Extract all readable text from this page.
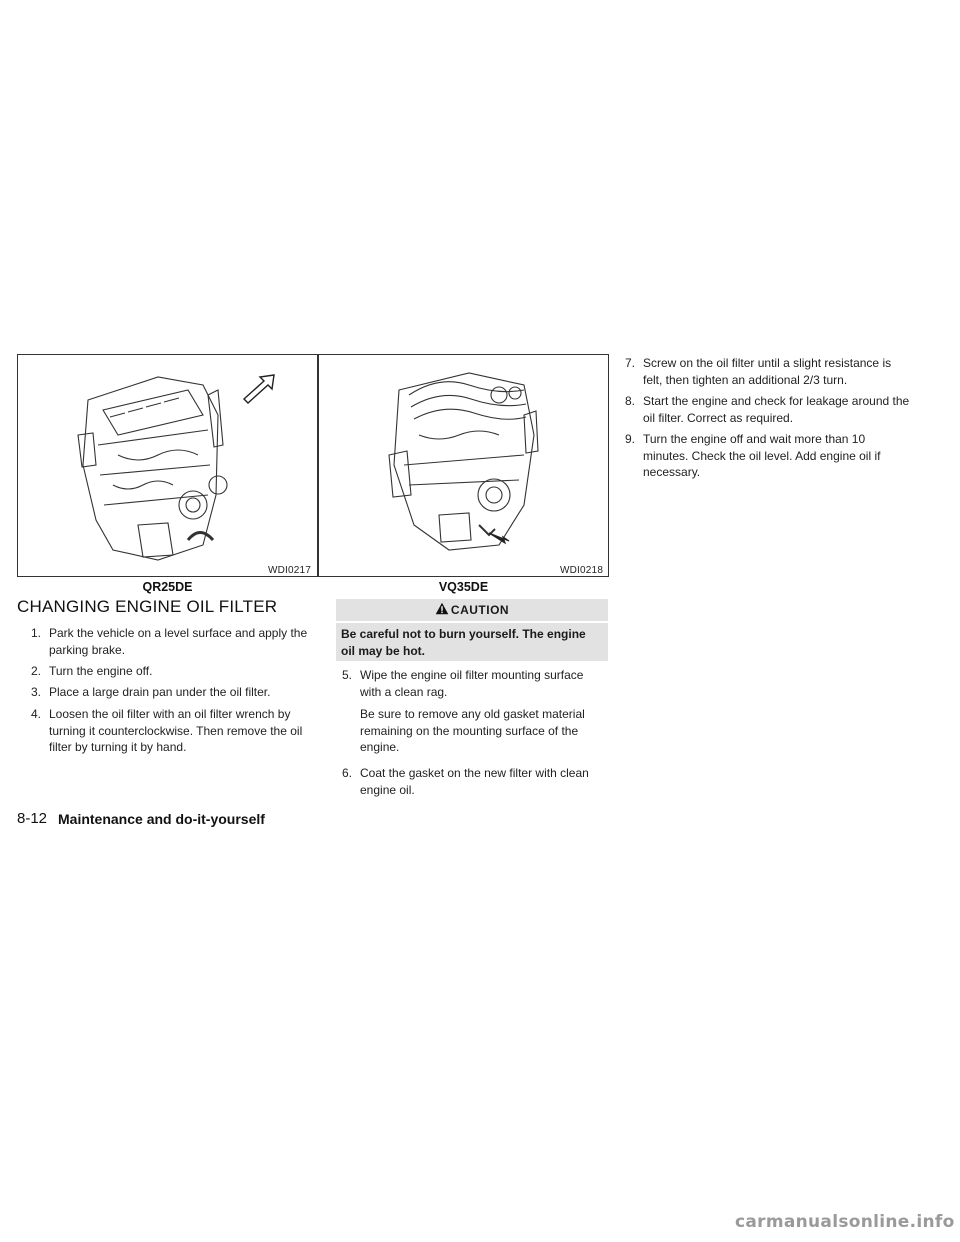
WDI0217
QR25DE
WDI0218
VQ35DE
CHANGING ENGINE OIL FILTER
1. Park the vehicle on a level surface and apply the parking brake.
2. Turn the engine off.
3. Place a large drain pan under the oil filter.
4. Loosen the oil filter with an oil filter wrench by turning it counterclockwise. Then remove the oil filter by turning it by hand.
CAUTION
Be careful not to burn yourself. The engine oil may be hot.
5. Wipe the engine oil filter mounting surface with a clean rag.
Be sure to remove any old gasket material remaining on the mounting surface of the engine.
6. Coat the gasket on the new filter with clean engine oil.
7. Screw on the oil filter until a slight resistance is felt, then tighten an additional 2/3 turn.
8. Start the engine and check for leakage around the oil filter. Correct as required.
9. Turn the engine off and wait more than 10 minutes. Check the oil level. Add engine oil if necessary.
8-12 Maintenance and do-it-yourself
carmanualsonline.info
